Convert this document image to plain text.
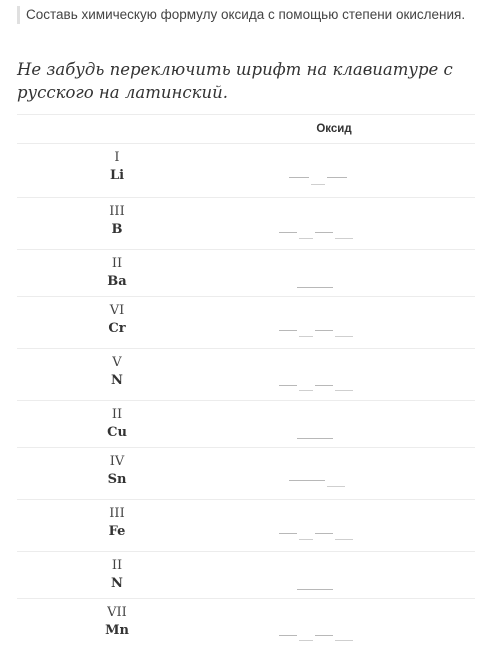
Составь химическую формулу оксида с помощью степени окисления.
Не забудь переключить шрифт на клавиатуре с русского на латинский.
Оксид
I
Li
III
B
II
Ba
VI
Cr
V
N
II
Cu
IV
Sn
III
Fe
II
N
VII
Mn
